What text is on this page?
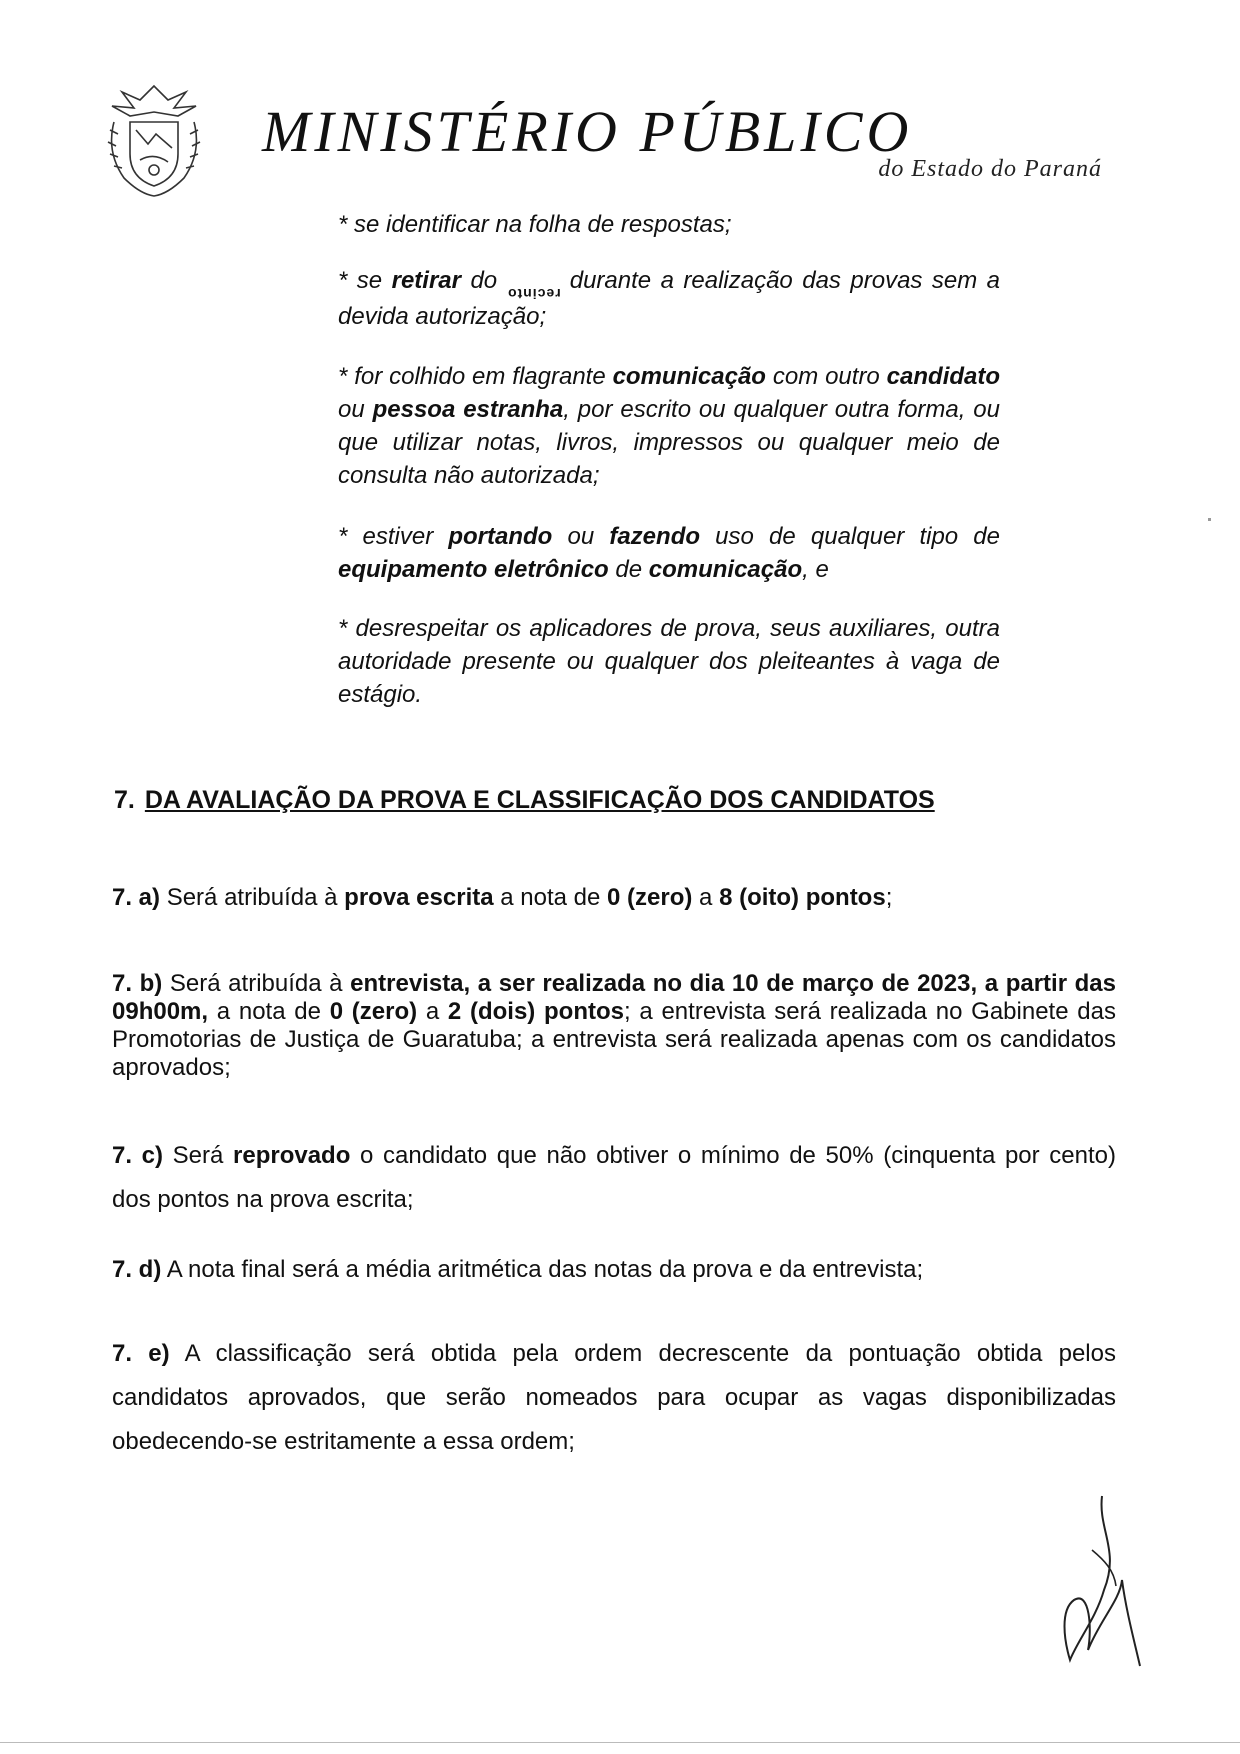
MINISTÉRIO PÚBLICO
do Estado do Paraná
* se identificar na folha de respostas;
* se retirar do recinto durante a realização das provas sem a devida autorização;
* for colhido em flagrante comunicação com outro candidato ou pessoa estranha, por escrito ou qualquer outra forma, ou que utilizar notas, livros, impressos ou qualquer meio de consulta não autorizada;
* estiver portando ou fazendo uso de qualquer tipo de equipamento eletrônico de comunicação, e
* desrespeitar os aplicadores de prova, seus auxiliares, outra autoridade presente ou qualquer dos pleiteantes à vaga de estágio.
7. DA AVALIAÇÃO DA PROVA E CLASSIFICAÇÃO DOS CANDIDATOS
7. a) Será atribuída à prova escrita a nota de 0 (zero) a 8 (oito) pontos;
7. b) Será atribuída à entrevista, a ser realizada no dia 10 de março de 2023, a partir das 09h00m, a nota de 0 (zero) a 2 (dois) pontos; a entrevista será realizada no Gabinete das Promotorias de Justiça de Guaratuba; a entrevista será realizada apenas com os candidatos aprovados;
7. c) Será reprovado o candidato que não obtiver o mínimo de 50% (cinquenta por cento) dos pontos na prova escrita;
7. d) A nota final será a média aritmética das notas da prova e da entrevista;
7. e) A classificação será obtida pela ordem decrescente da pontuação obtida pelos candidatos aprovados, que serão nomeados para ocupar as vagas disponibilizadas obedecendo-se estritamente a essa ordem;
